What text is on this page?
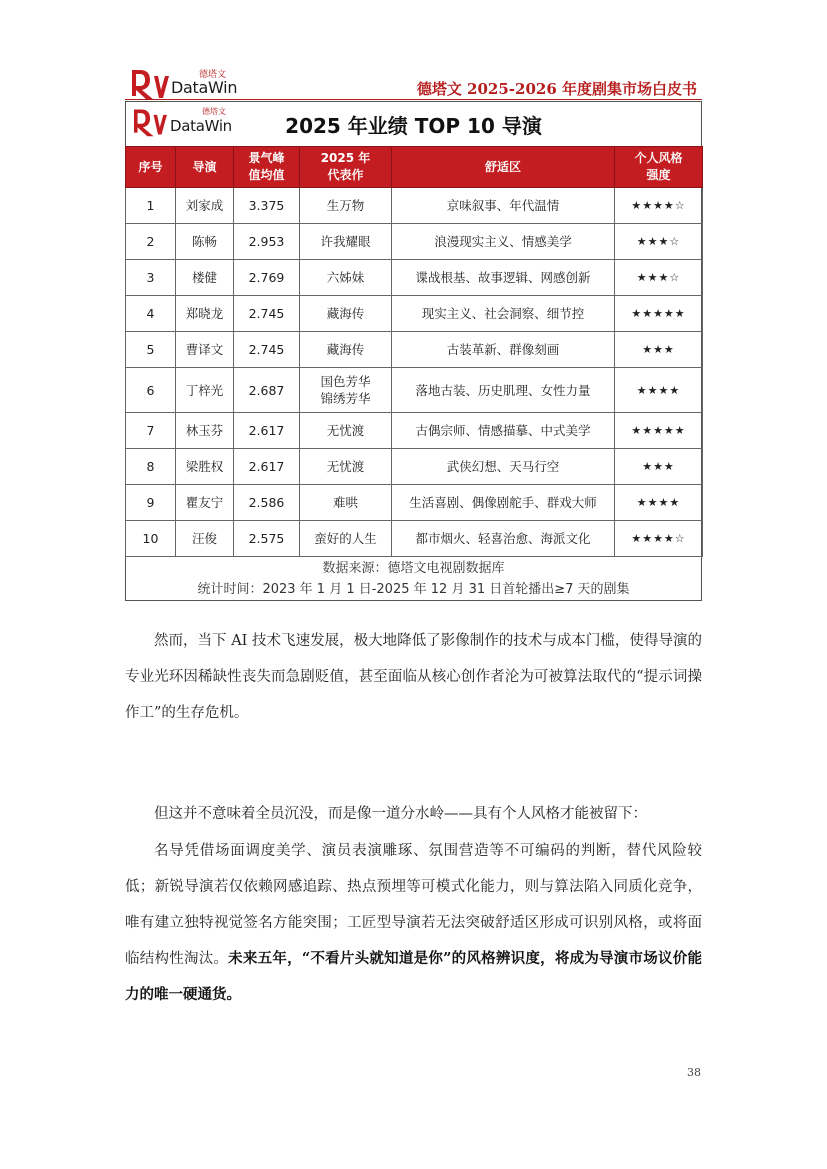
德塔文
DataWin	德塔文 2025-2026 年度剧集市场白皮书
德塔文
DataWin	2025 年业绩 TOP 10 导演
序号	导演	景气峰值均值	2025 年代表作	舒适区	个人风格强度

1	刘家成	3.375	生万物	京味叙事、年代温情	★★★★☆
2	陈畅	2.953	许我耀眼	浪漫现实主义、情感美学	★★★☆
3	楼健	2.769	六姊妹	谍战根基、故事逻辑、网感创新	★★★☆
4	郑晓龙	2.745	藏海传	现实主义、社会洞察、细节控	★★★★★
5	曹译文	2.745	藏海传	古装革新、群像刻画	★★★
6	丁梓光	2.687	国色芳华
锦绣芳华	落地古装、历史肌理、女性力量	★★★★
7	林玉芬	2.617	无忧渡	古偶宗师、情感描摹、中式美学	★★★★★
8	梁胜权	2.617	无忧渡	武侠幻想、天马行空	★★★
9	瞿友宁	2.586	难哄	生活喜剧、偶像剧舵手、群戏大师	★★★★
10	汪俊	2.575	蛮好的人生	都市烟火、轻喜治愈、海派文化	★★★★☆
数据来源：德塔文电视剧数据库
统计时间：2023 年 1 月 1 日-2025 年 12 月 31 日首轮播出≥7 天的剧集

然而，当下 AI 技术飞速发展，极大地降低了影像制作的技术与成本门槛，使得导演的专业光环因稀缺性丧失而急剧贬值，甚至面临从核心创作者沦为可被算法取代的“提示词操作工”的生存危机。

但这并不意味着全员沉没，而是像一道分水岭——具有个人风格才能被留下：

名导凭借场面调度美学、演员表演雕琢、氛围营造等不可编码的判断，替代风险较低；新锐导演若仅依赖网感追踪、热点预埋等可模式化能力，则与算法陷入同质化竞争，唯有建立独特视觉签名方能突围；工匠型导演若无法突破舒适区形成可识别风格，或将面临结构性淘汰。未来五年，“不看片头就知道是你”的风格辨识度，将成为导演市场议价能力的唯一硬通货。

38
